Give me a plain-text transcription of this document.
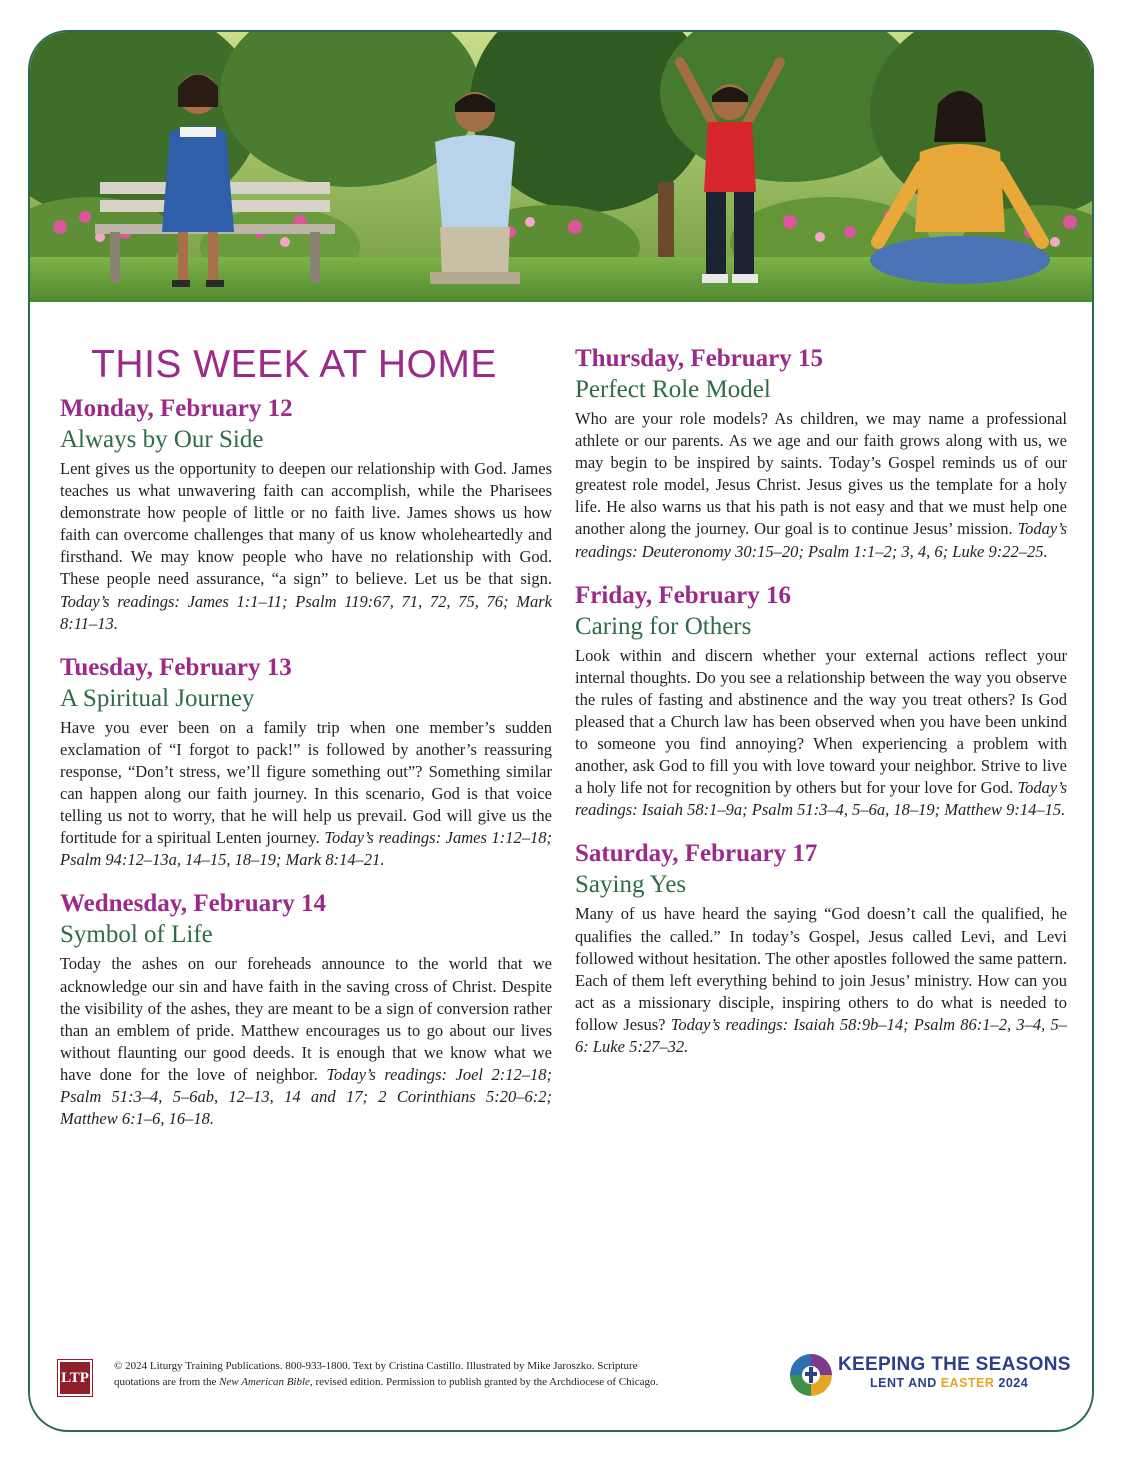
THIS WEEK AT HOME
Monday, February 12
Always by Our Side

Lent gives us the opportunity to deepen our relationship with God. James teaches us what unwavering faith can accomplish, while the Pharisees demonstrate how people of little or no faith live. James shows us how faith can overcome challenges that many of us know wholeheartedly and firsthand. We may know people who have no relationship with God. These people need assurance, “a sign” to believe. Let us be that sign. Today’s readings: James 1:1–11; Psalm 119:67, 71, 72, 75, 76; Mark 8:11–13.

Tuesday, February 13
A Spiritual Journey

Have you ever been on a family trip when one member’s sudden exclamation of “I forgot to pack!” is followed by another’s reassuring response, “Don’t stress, we’ll figure something out”? Something similar can happen along our faith journey. In this scenario, God is that voice telling us not to worry, that he will help us prevail. God will give us the fortitude for a spiritual Lenten journey. Today’s readings: James 1:12–18; Psalm 94:12–13a, 14–15, 18–19; Mark 8:14–21.

Wednesday, February 14
Symbol of Life

Today the ashes on our foreheads announce to the world that we acknowledge our sin and have faith in the saving cross of Christ. Despite the visibility of the ashes, they are meant to be a sign of conversion rather than an emblem of pride. Matthew encourages us to go about our lives without flaunting our good deeds. It is enough that we know what we have done for the love of neighbor. Today’s readings: Joel 2:12–18; Psalm 51:3–4, 5–6ab, 12–13, 14 and 17; 2 Corinthians 5:20–6:2; Matthew 6:1–6, 16–18.

Thursday, February 15
Perfect Role Model

Who are your role models? As children, we may name a professional athlete or our parents. As we age and our faith grows along with us, we may begin to be inspired by saints. Today’s Gospel reminds us of our greatest role model, Jesus Christ. Jesus gives us the template for a holy life. He also warns us that his path is not easy and that we must help one another along the journey. Our goal is to continue Jesus’ mission. Today’s readings: Deuteronomy 30:15–20; Psalm 1:1–2; 3, 4, 6; Luke 9:22–25.

Friday, February 16
Caring for Others

Look within and discern whether your external actions reflect your internal thoughts. Do you see a relationship between the way you observe the rules of fasting and abstinence and the way you treat others? Is God pleased that a Church law has been observed when you have been unkind to someone you find annoying? When experiencing a problem with another, ask God to fill you with love toward your neighbor. Strive to live a holy life not for recognition by others but for your love for God. Today’s readings: Isaiah 58:1–9a; Psalm 51:3–4, 5–6a, 18–19; Matthew 9:14–15.

Saturday, February 17
Saying Yes

Many of us have heard the saying “God doesn’t call the qualified, he qualifies the called.” In today’s Gospel, Jesus called Levi, and Levi followed without hesitation. The other apostles followed the same pattern. Each of them left everything behind to join Jesus’ ministry. How can you act as a missionary disciple, inspiring others to do what is needed to follow Jesus? Today’s readings: Isaiah 58:9b–14; Psalm 86:1–2, 3–4, 5–6: Luke 5:27–32.

LTP
© 2024 Liturgy Training Publications. 800-933-1800. Text by Cristina Castillo. Illustrated by Mike Jaroszko. Scripture
quotations are from the New American Bible, revised edition. Permission to publish granted by the Archdiocese of Chicago.
KEEPING THE SEASONS
LENT AND EASTER 2024
